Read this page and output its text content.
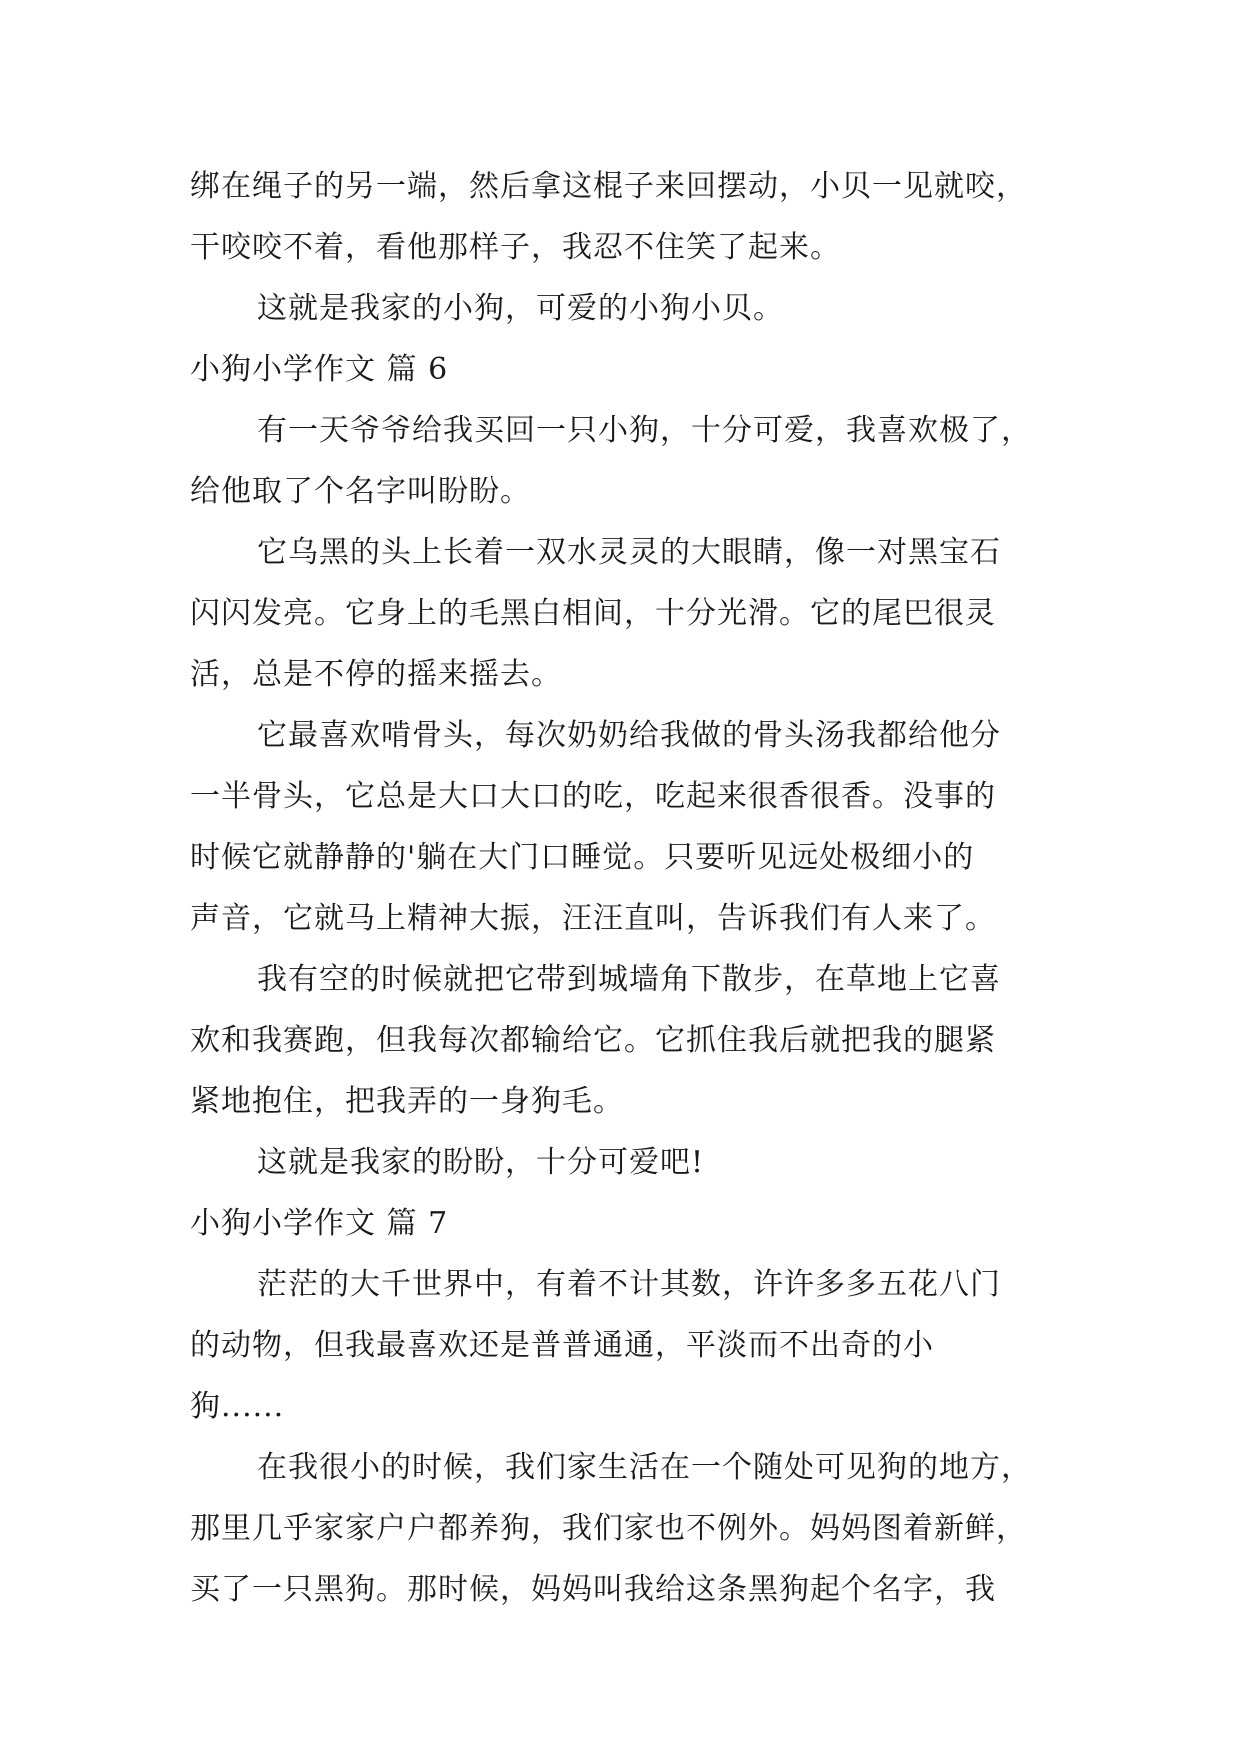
绑在绳子的另一端，然后拿这棍子来回摆动，小贝一见就咬，
干咬咬不着，看他那样子，我忍不住笑了起来。
这就是我家的小狗，可爱的小狗小贝。
小狗小学作文 篇 6
有一天爷爷给我买回一只小狗，十分可爱，我喜欢极了，
给他取了个名字叫盼盼。
它乌黑的头上长着一双水灵灵的大眼睛，像一对黑宝石
闪闪发亮。它身上的毛黑白相间，十分光滑。它的尾巴很灵
活，总是不停的摇来摇去。
它最喜欢啃骨头，每次奶奶给我做的骨头汤我都给他分
一半骨头，它总是大口大口的吃，吃起来很香很香。没事的
时候它就静静的'躺在大门口睡觉。只要听见远处极细小的
声音，它就马上精神大振，汪汪直叫，告诉我们有人来了。
我有空的时候就把它带到城墙角下散步，在草地上它喜
欢和我赛跑，但我每次都输给它。它抓住我后就把我的腿紧
紧地抱住，把我弄的一身狗毛。
这就是我家的盼盼，十分可爱吧!
小狗小学作文 篇 7
茫茫的大千世界中，有着不计其数，许许多多五花八门
的动物，但我最喜欢还是普普通通，平淡而不出奇的小
狗......
在我很小的时候，我们家生活在一个随处可见狗的地方，
那里几乎家家户户都养狗，我们家也不例外。妈妈图着新鲜，
买了一只黑狗。那时候，妈妈叫我给这条黑狗起个名字，我
